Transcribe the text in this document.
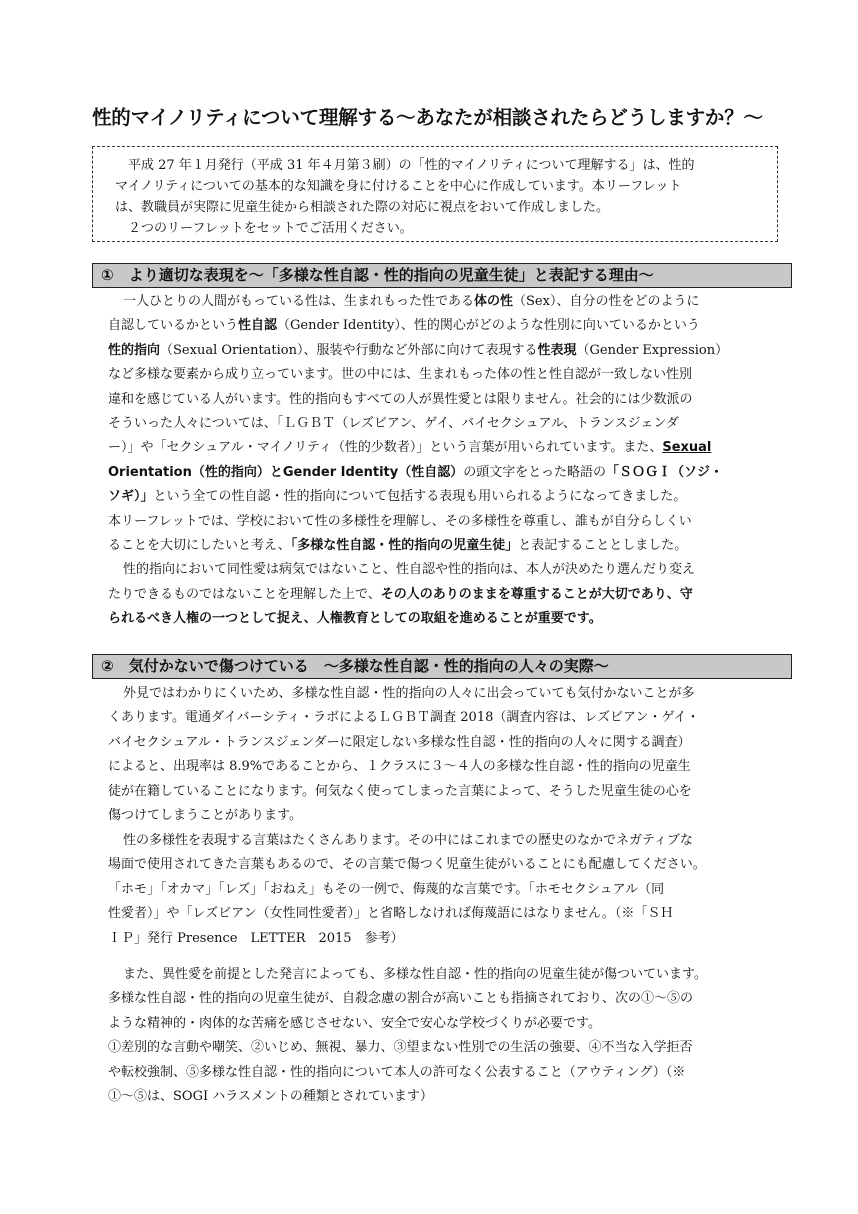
性的マイノリティについて理解する～あなたが相談されたらどうしますか？～

平成 27 年１月発行（平成 31 年４月第３刷）の「性的マイノリティについて理解する」は、性的

マイノリティについての基本的な知識を身に付けることを中心に作成しています。本リーフレット

は、教職員が実際に児童生徒から相談された際の対応に視点をおいて作成しました。

２つのリーフレットをセットでご活用ください。

①　より適切な表現を～「多様な性自認・性的指向の児童生徒」と表記する理由～

一人ひとりの人間がもっている性は、生まれもった性である体の性（Sex）、自分の性をどのように

自認しているかという性自認（Gender Identity）、性的関心がどのような性別に向いているかという

性的指向（Sexual Orientation）、服装や行動など外部に向けて表現する性表現（Gender Expression）

など多様な要素から成り立っています。世の中には、生まれもった体の性と性自認が一致しない性別

違和を感じている人がいます。性的指向もすべての人が異性愛とは限りません。社会的には少数派の

そういった人々については、「ＬＧＢＴ（レズビアン、ゲイ、バイセクシュアル、トランスジェンダ

ー）」や「セクシュアル・マイノリティ（性的少数者）」という言葉が用いられています。また、Sexual

Orientation（性的指向）とGender Identity（性自認）の頭文字をとった略語の「ＳＯＧＩ（ソジ・

ソギ）」という全ての性自認・性的指向について包括する表現も用いられるようになってきました。

本リーフレットでは、学校において性の多様性を理解し、その多様性を尊重し、誰もが自分らしくい

ることを大切にしたいと考え、「多様な性自認・性的指向の児童生徒」と表記することとしました。

性的指向において同性愛は病気ではないこと、性自認や性的指向は、本人が決めたり選んだり変え

たりできるものではないことを理解した上で、その人のありのままを尊重することが大切であり、守

られるべき人権の一つとして捉え、人権教育としての取組を進めることが重要です。

②　気付かないで傷つけている　～多様な性自認・性的指向の人々の実際～

外見ではわかりにくいため、多様な性自認・性的指向の人々に出会っていても気付かないことが多

くあります。電通ダイバーシティ・ラボによるＬＧＢＴ調査 2018（調査内容は、レズビアン・ゲイ・

バイセクシュアル・トランスジェンダーに限定しない多様な性自認・性的指向の人々に関する調査）

によると、出現率は 8.9%であることから、１クラスに３～４人の多様な性自認・性的指向の児童生

徒が在籍していることになります。何気なく使ってしまった言葉によって、そうした児童生徒の心を

傷つけてしまうことがあります。

性の多様性を表現する言葉はたくさんあります。その中にはこれまでの歴史のなかでネガティブな

場面で使用されてきた言葉もあるので、その言葉で傷つく児童生徒がいることにも配慮してください。

「ホモ」「オカマ」「レズ」「おねえ」もその一例で、侮蔑的な言葉です。「ホモセクシュアル（同

性愛者）」や「レズビアン（女性同性愛者）」と省略しなければ侮蔑語にはなりません。（※「ＳＨ

ＩＰ」発行 Presence　LETTER　2015　参考）

また、異性愛を前提とした発言によっても、多様な性自認・性的指向の児童生徒が傷ついています。

多様な性自認・性的指向の児童生徒が、自殺念慮の割合が高いことも指摘されており、次の①～⑤の

ような精神的・肉体的な苦痛を感じさせない、安全で安心な学校づくりが必要です。

①差別的な言動や嘲笑、②いじめ、無視、暴力、③望まない性別での生活の強要、④不当な入学拒否

や転校強制、⑤多様な性自認・性的指向について本人の許可なく公表すること（アウティング）（※

①～⑤は、SOGI ハラスメントの種類とされています）
